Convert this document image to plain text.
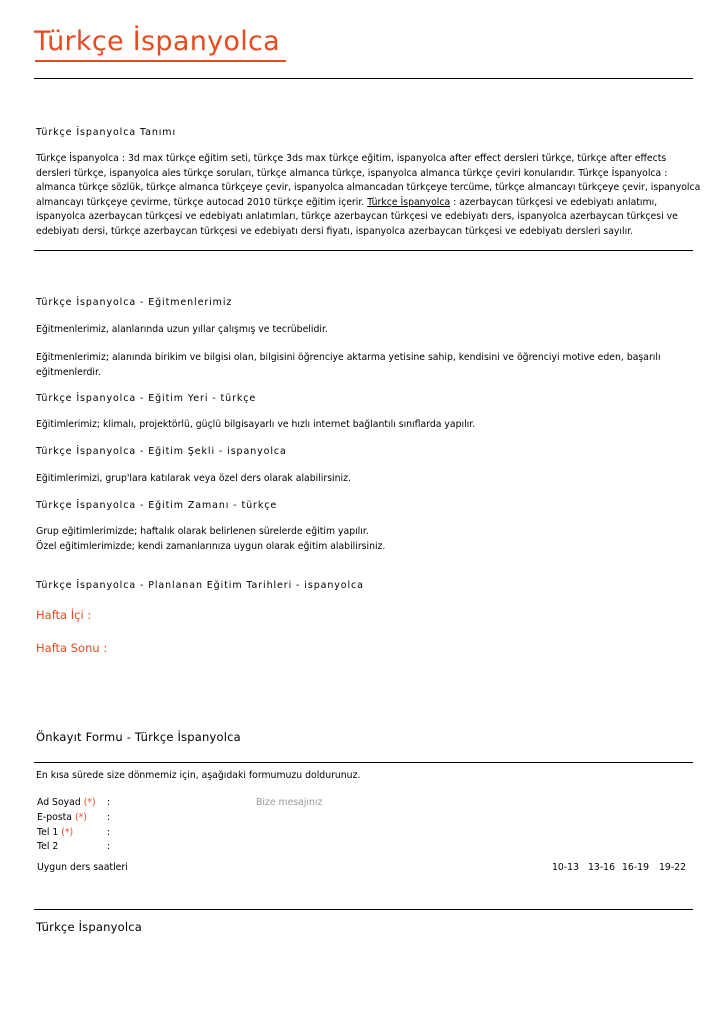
Türkçe İspanyolca
Türkçe İspanyolca Tanımı
Türkçe İspanyolca : 3d max türkçe eğitim seti, türkçe 3ds max türkçe eğitim, ispanyolca after effect dersleri türkçe, türkçe after effects
dersleri türkçe, ispanyolca ales türkçe soruları, türkçe almanca türkçe, ispanyolca almanca türkçe çeviri konularıdır. Türkçe İspanyolca :
almanca türkçe sözlük, türkçe almanca türkçeye çevir, ispanyolca almancadan türkçeye tercüme, türkçe almancayı türkçeye çevir, ispanyolca
almancayı türkçeye çevirme, türkçe autocad 2010 türkçe eğitim içerir. Türkçe İspanyolca : azerbaycan türkçesi ve edebiyatı anlatımı,
ispanyolca azerbaycan türkçesi ve edebiyatı anlatımları, türkçe azerbaycan türkçesi ve edebiyatı ders, ispanyolca azerbaycan türkçesi ve
edebiyatı dersi, türkçe azerbaycan türkçesi ve edebiyatı dersi fiyatı, ispanyolca azerbaycan türkçesi ve edebiyatı dersleri sayılır.
Türkçe İspanyolca - Eğitmenlerimiz
Eğitmenlerimiz, alanlarında uzun yıllar çalışmış ve tecrübelidir.
Eğitmenlerimiz; alanında birikim ve bilgisi olan, bilgisini öğrenciye aktarma yetisine sahip, kendisini ve öğrenciyi motive eden, başarılı
eğitmenlerdir.
Türkçe İspanyolca - Eğitim Yeri - türkçe
Eğitimlerimiz; klimalı, projektörlü, güçlü bilgisayarlı ve hızlı internet bağlantılı sınıflarda yapılır.
Türkçe İspanyolca - Eğitim Şekli - ispanyolca
Eğitimlerimizi, grup'lara katılarak veya özel ders olarak alabilirsiniz.
Türkçe İspanyolca - Eğitim Zamanı - türkçe
Grup eğitimlerimizde; haftalık olarak belirlenen sürelerde eğitim yapılır.
Özel eğitimlerimizde; kendi zamanlarınıza uygun olarak eğitim alabilirsiniz.
Türkçe İspanyolca - Planlanan Eğitim Tarihleri - ispanyolca
Hafta İçi :
Hafta Sonu :
Önkayıt Formu - Türkçe İspanyolca
En kısa sürede size dönmemiz için, aşağıdaki formumuzu doldurunuz.
Ad Soyad (*) :	Bize mesajınız
E-posta (*) :
Tel 1 (*)	:
Tel 2	:
Uygun ders saatleri	10-13 13-16 16-19 19-22
Türkçe İspanyolca
